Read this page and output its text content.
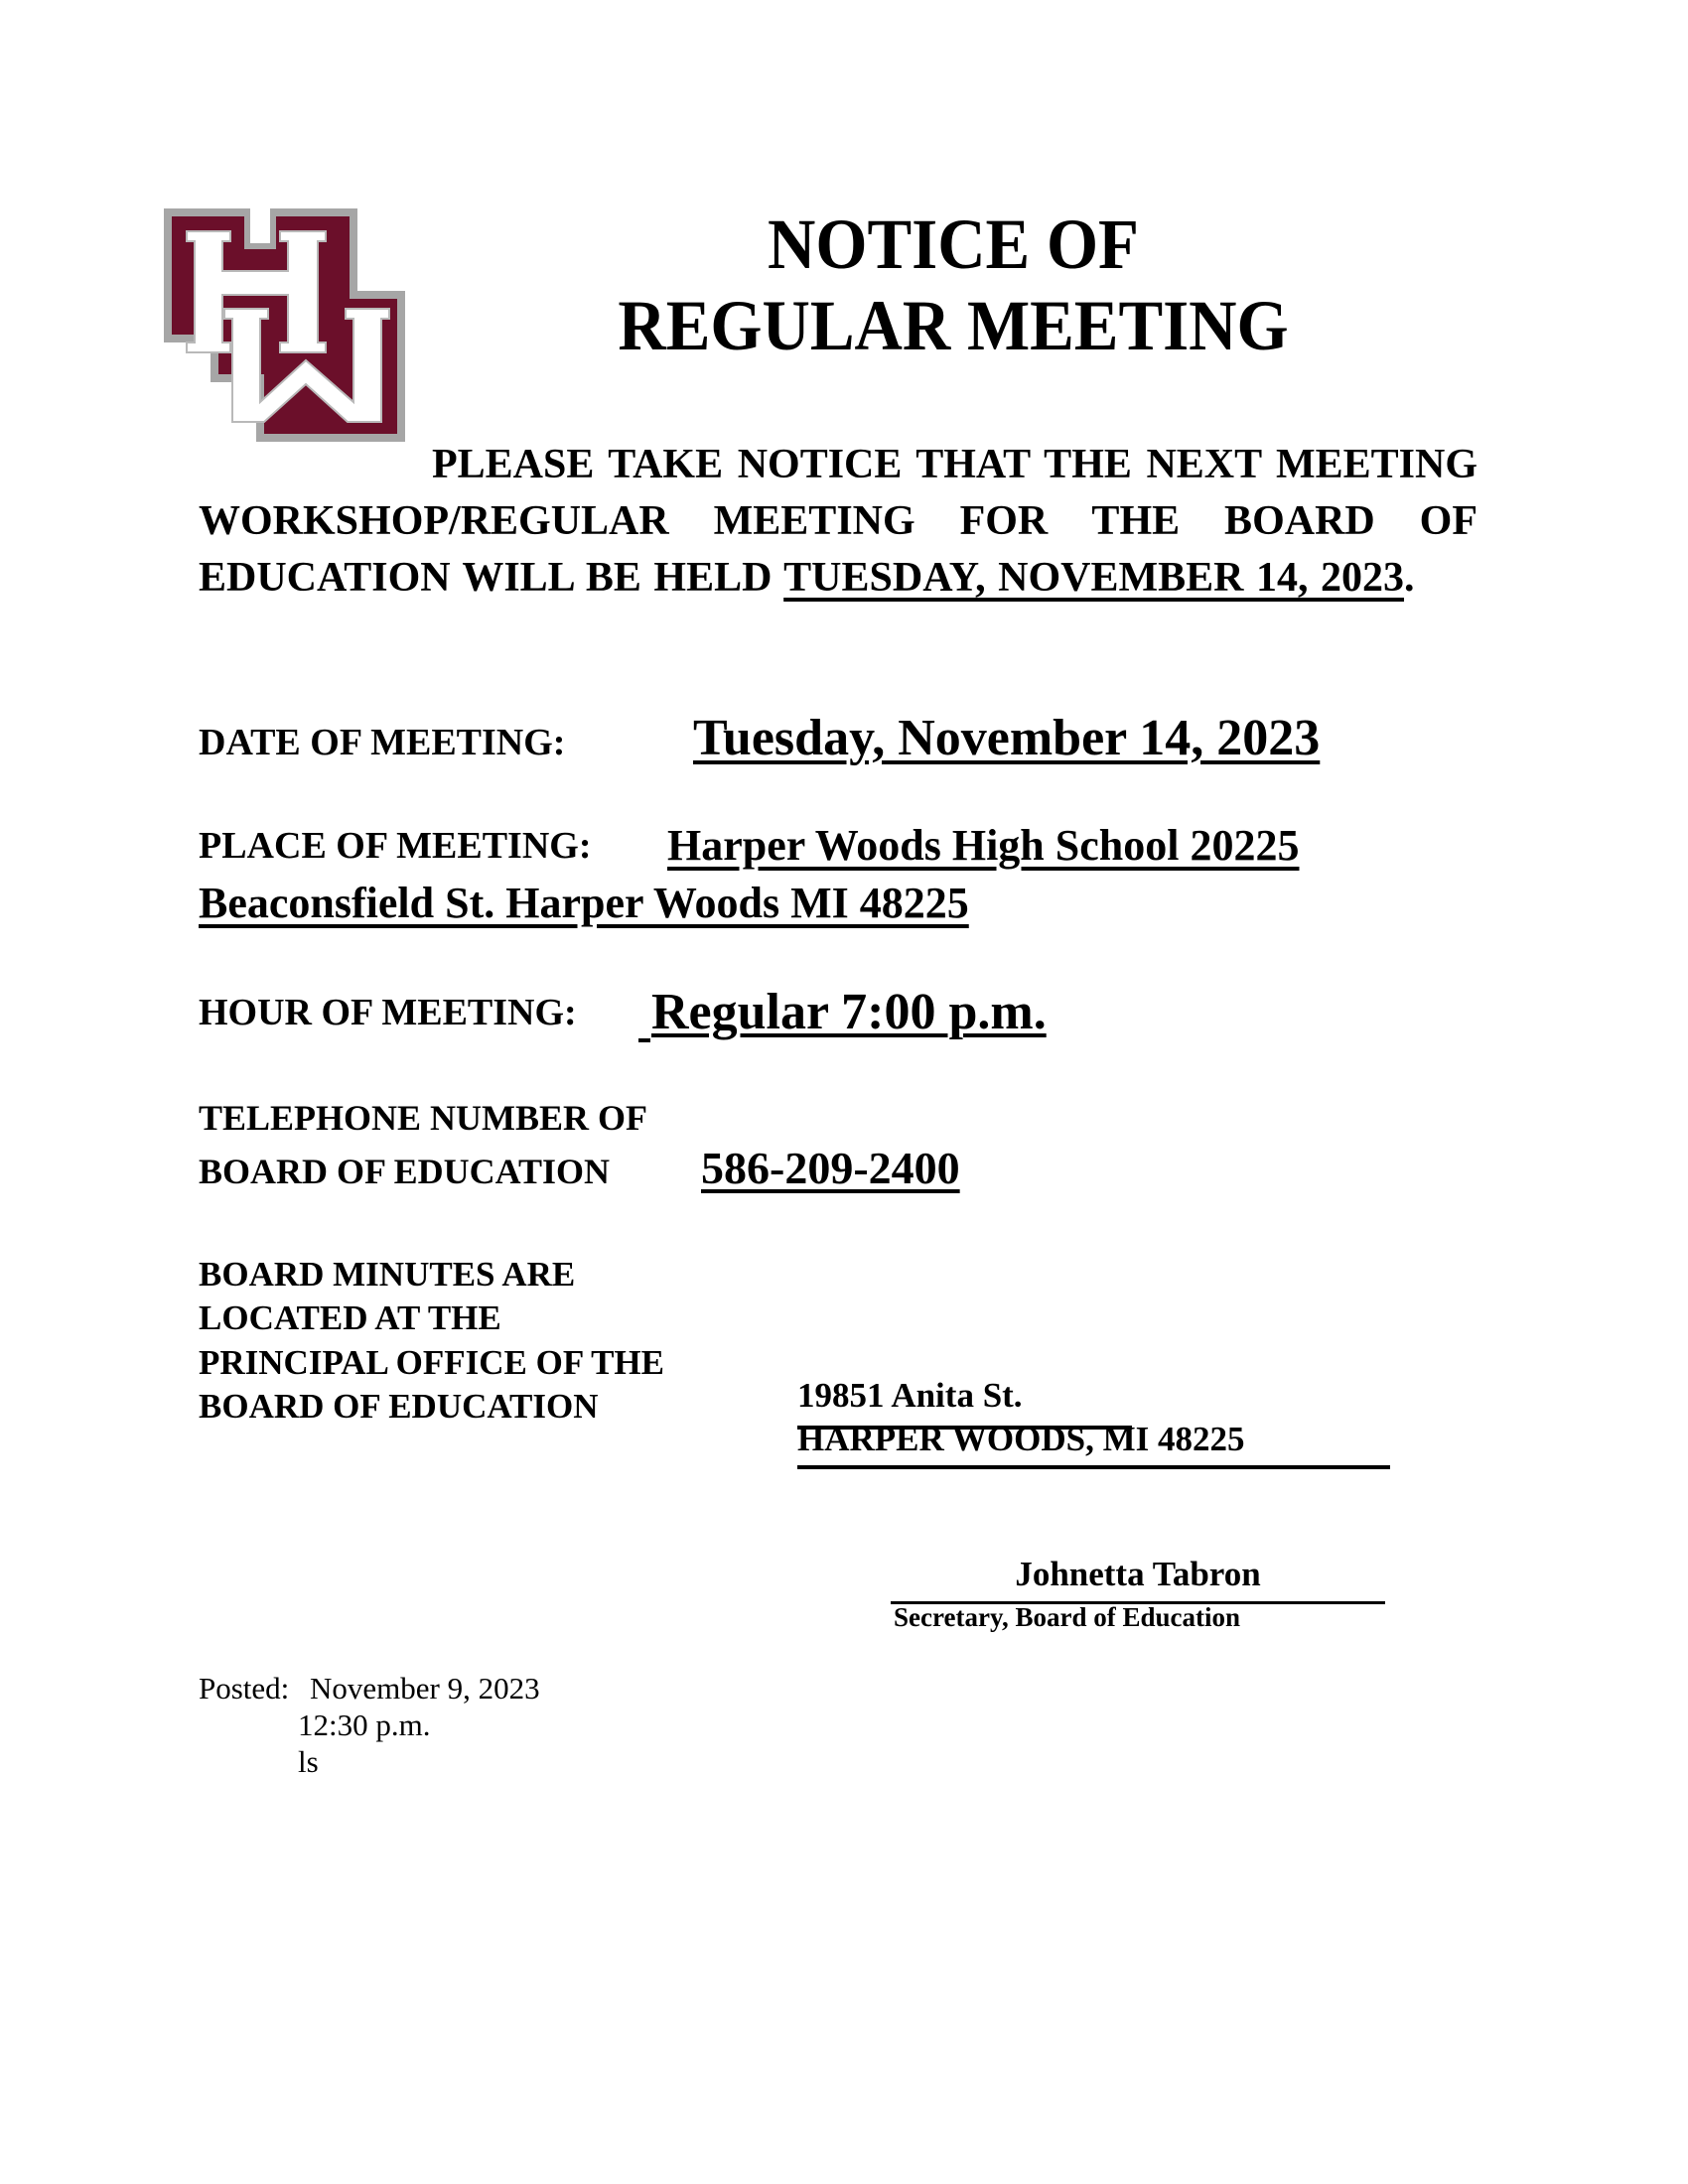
NOTICE OF
REGULAR MEETING
PLEASE TAKE NOTICE THAT THE NEXT MEETING WORKSHOP/REGULAR MEETING FOR THE BOARD OF EDUCATION WILL BE HELD TUESDAY, NOVEMBER 14, 2023.
DATE OF MEETING: Tuesday, November 14, 2023
PLACE OF MEETING: Harper Woods High School 20225
Beaconsfield St. Harper Woods MI 48225
HOUR OF MEETING: Regular 7:00 p.m.
TELEPHONE NUMBER OF
BOARD OF EDUCATION 586-209-2400
BOARD MINUTES ARE
LOCATED AT THE
PRINCIPAL OFFICE OF THE
BOARD OF EDUCATION	19851 Anita St.
HARPER WOODS, MI 48225
Johnetta Tabron
Secretary, Board of Education
Posted: November 9, 2023
12:30 p.m.
ls
